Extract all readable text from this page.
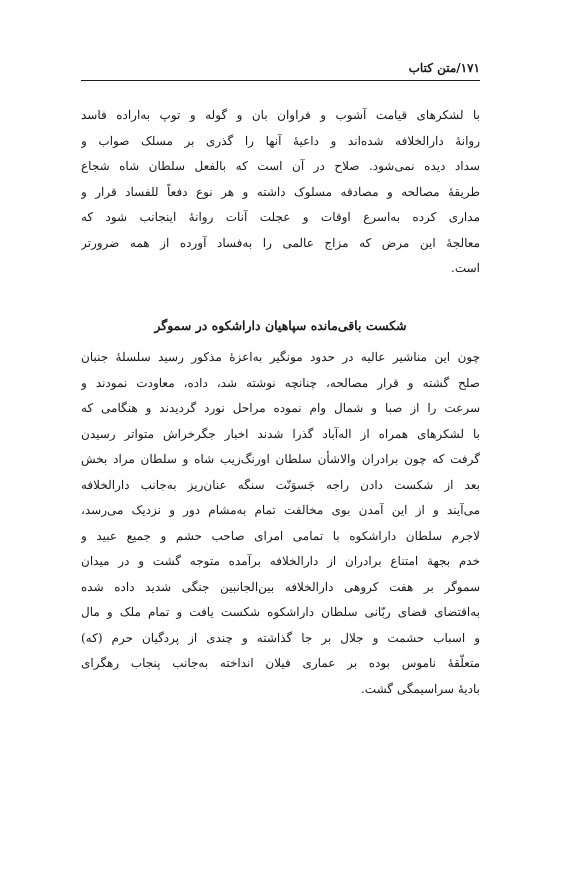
۱۷۱/متن کتاب
با لشکرهای قیامت آشوب و فراوان بان و گوله و توپ به‌اراده فاسد
روانهٔ دارالخلافه شده‌اند و داعیهٔ آنها را گذری بر مسلک صواب و
سداد دیده نمی‌شود. صلاح در آن است که بالفعل سلطان شاه شجاع
طریقهٔ مصالحه و مصادقه مسلوک داشته و هر نوع دفعاً للفساد قرار و
مداری کرده به‌اسرع اوقات و عجلت آنات روانهٔ اینجانب شود که
معالجهٔ این مرض که مزاج عالمی را به‌فساد آورده از همه ضرورتر
است.
شکست باقی‌مانده سپاهیان داراشکوه در سموگر
چون این مناشیر عالیه در حدود مونگیر به‌اعزهٔ مذکور رسید سلسلهٔ جنبان
صلح گشته و قرار مصالحه، چنانچه نوشته شد، داده، معاودت نمودند و
سرعت را از صبا و شمال وام نموده مراحل نورد گردیدند و هنگامی که
با لشکرهای همراه از اله‌آباد گذرا شدند اخبار جگرخراش متواتر رسیدن
گرفت که چون برادران والاشأن سلطان اورنگ‌زیب شاه و سلطان مراد بخش
بعد از شکست دادن راجه جَسوَنّت سنگه عنان‌ریز به‌جانب دارالخلافه
می‌آیند و از این آمدن بوی مخالفت تمام به‌مشام دور و نزدیک می‌رسد،
لاجرم سلطان داراشکوه با تمامی امرای صاحب حشم و جمیع عبید و
خدم بجهة امتناع برادران از دارالخلافه برآمده متوجه گشت و در میدان
سموگر بر هفت کروهی دارالخلافه بین‌الجانبین جنگی شدید داده شده
به‌اقتضای قضای ربّانی سلطان داراشکوه شکست یافت و تمام ملک و مال
و اسباب حشمت و جلال بر جا گذاشته و چندی از پردگیان حرم (که)
متعلّقهٔ ناموس بوده بر عماری فیلان انداخته به‌جانب پنجاب رهگرای
بادیهٔ سراسیمگی گشت.
